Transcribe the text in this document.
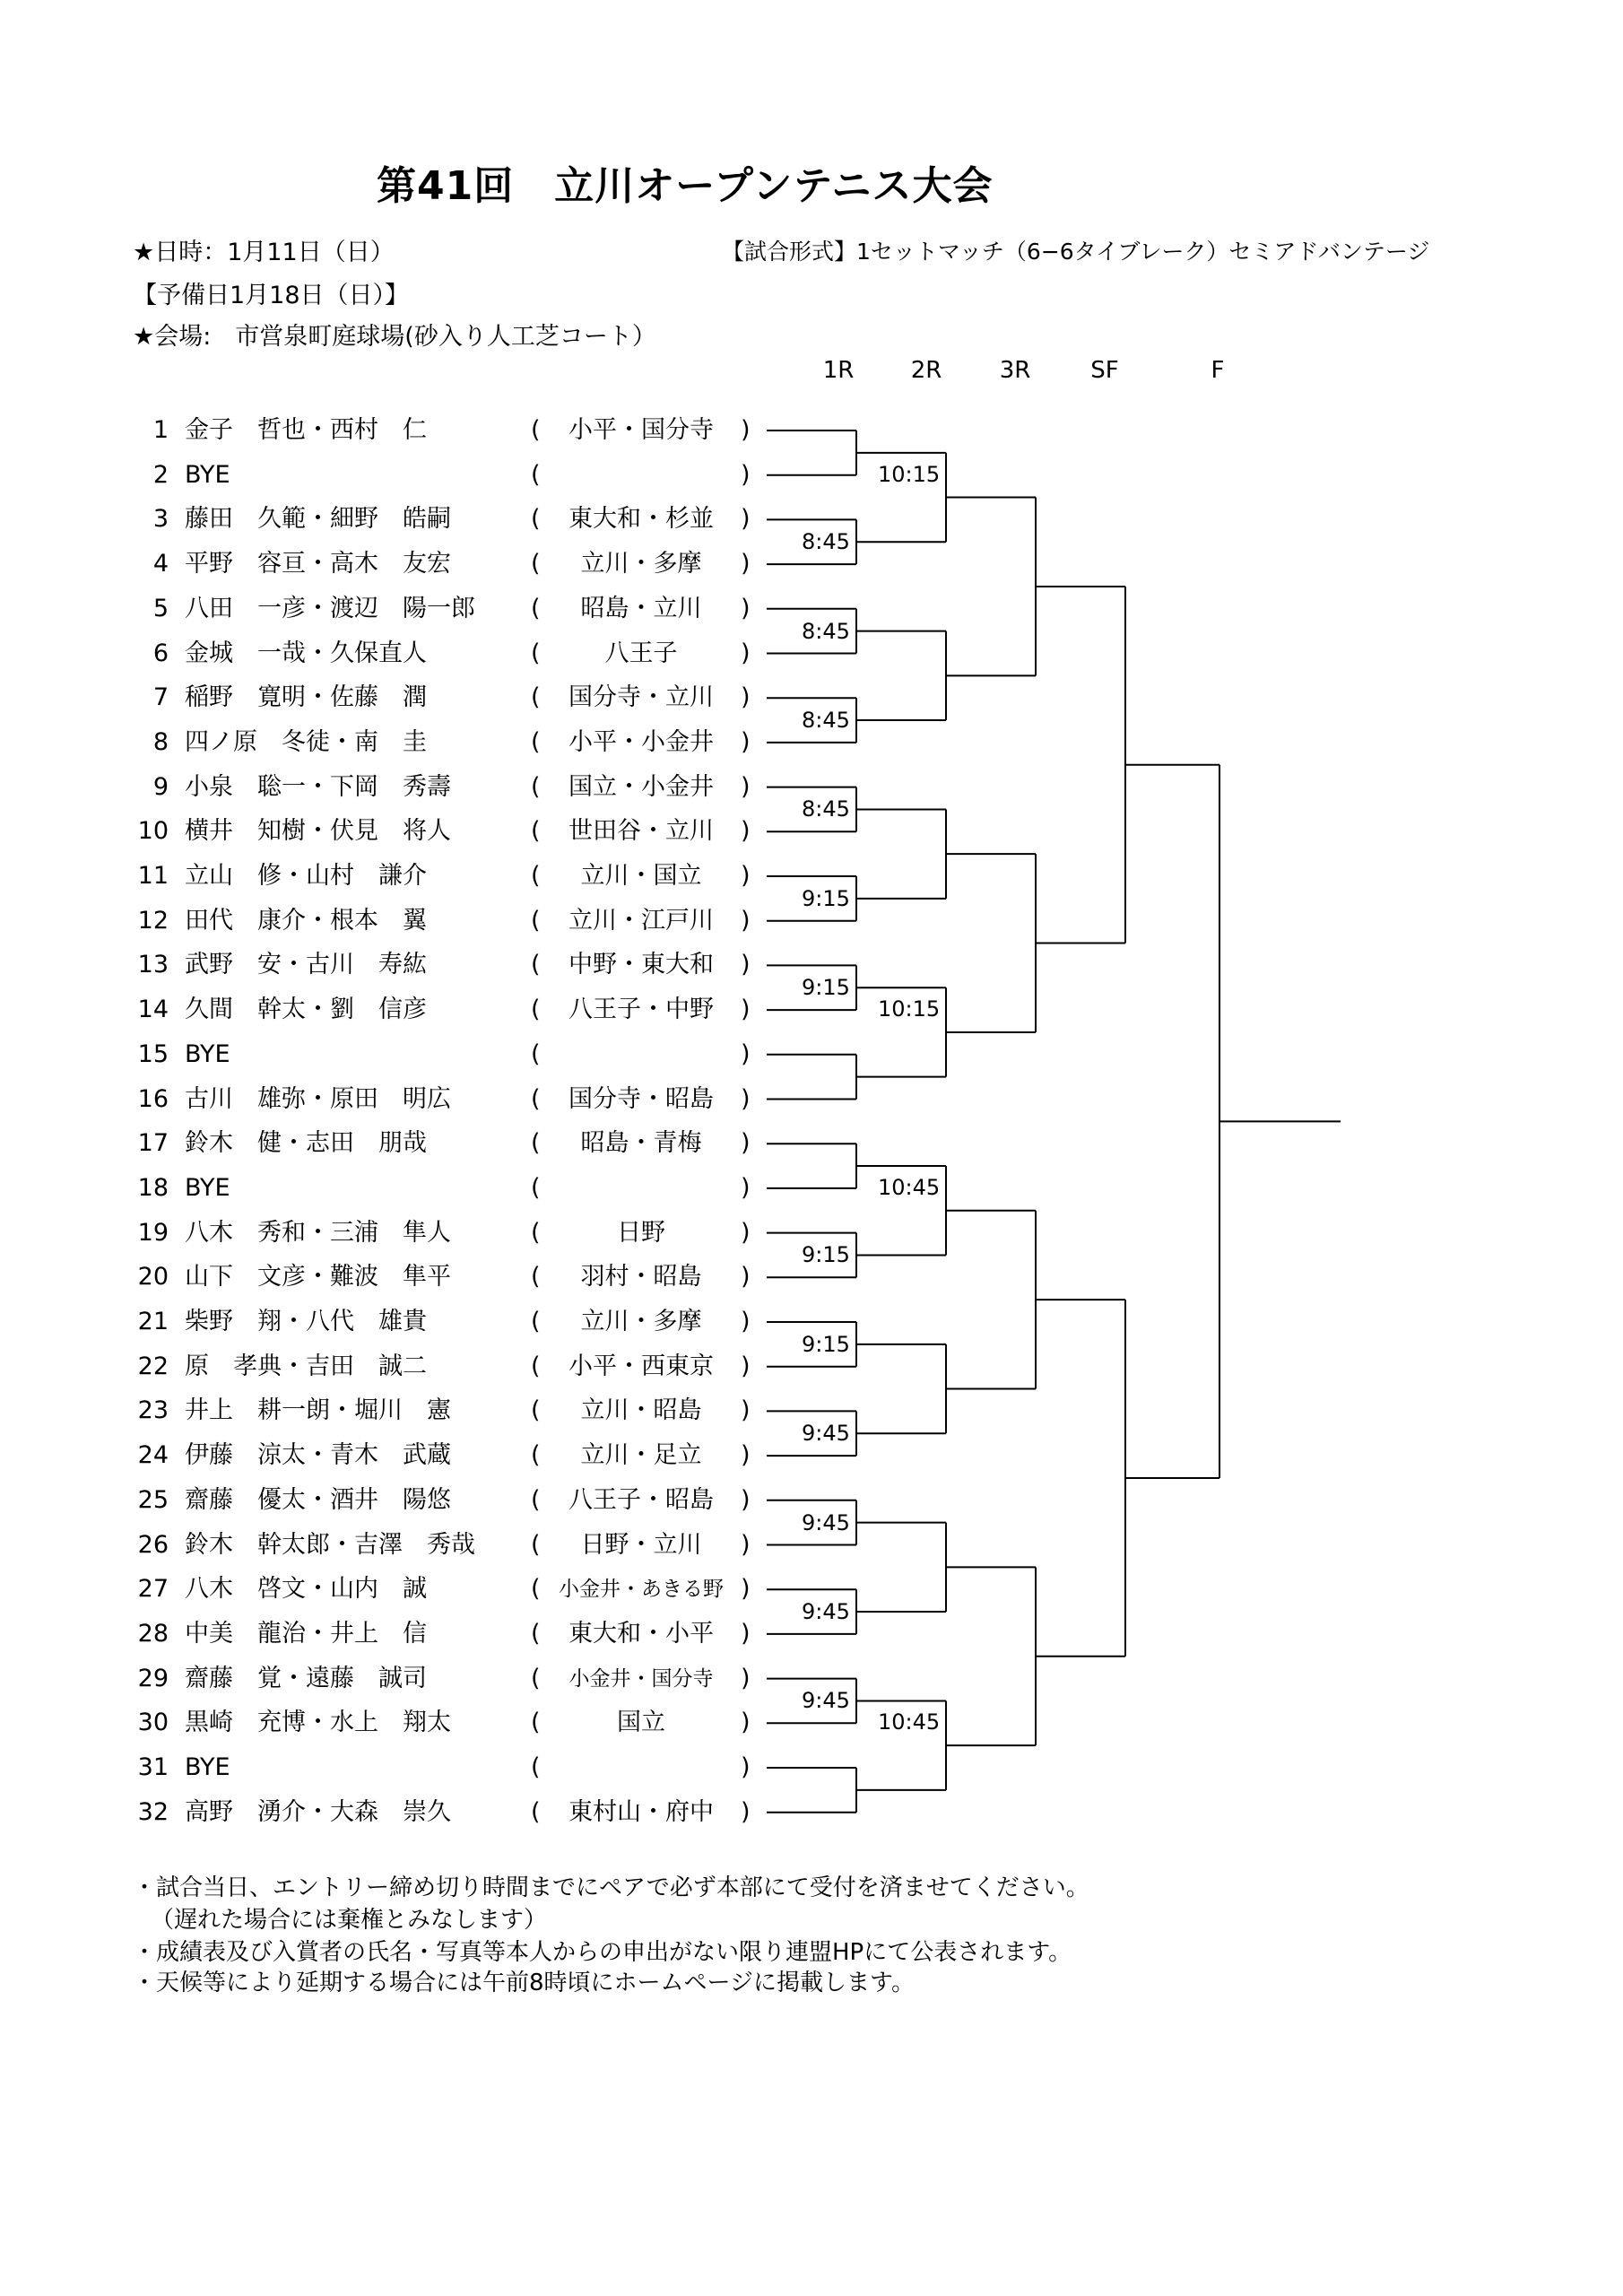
第41回　立川オープンテニス大会
★日時：1月11日（日）	【試合形式】1セットマッチ（6−6タイブレーク）セミアドバンテージ
【予備日1月18日（日）】
★会場:　市営泉町庭球場(砂入り人工芝コート）
1R	2R	3R	SF	F
1 金子　哲也・西村　仁	(	小平・国分寺	)
2 BYE	(	)
3 藤田　久範・細野　皓嗣	(	東大和・杉並	)
4 平野　容亘・高木　友宏	(	立川・多摩	)
5 八田　一彦・渡辺　陽一郎 (	昭島・立川	)
6 金城　一哉・久保直人	(	八王子	)
7 稲野　寛明・佐藤　潤	(	国分寺・立川	)
8 四ノ原　冬徒・南　圭	(	小平・小金井	)
9 小泉　聡一・下岡　秀壽	(	国立・小金井	)
10 横井　知樹・伏見　将人	(	世田谷・立川	)
11 立山　修・山村　謙介	(	立川・国立	)
12 田代　康介・根本　翼	(	立川・江戸川	)
13 武野　安・古川　寿紘	(	中野・東大和	)
14 久間　幹太・劉　信彦	(	八王子・中野	)
15 BYE	(	)
16 古川　雄弥・原田　明広	(	国分寺・昭島	)
17 鈴木　健・志田　朋哉	(	昭島・青梅	)
18 BYE	(	)
19 八木　秀和・三浦　隼人	(	日野	)
20 山下　文彦・難波　隼平	(	羽村・昭島	)
21 柴野　翔・八代　雄貴	(	立川・多摩	)
22 原　孝典・吉田　誠二	(	小平・西東京	)
23 井上　耕一朗・堀川　憲	(	立川・昭島	)
24 伊藤　涼太・青木　武蔵	(	立川・足立	)
25 齋藤　優太・酒井　陽悠	(	八王子・昭島	)
26 鈴木　幹太郎・吉澤　秀哉 (	日野・立川	)
27 八木　啓文・山内　誠	( 小金井・あきる野 )
28 中美　龍治・井上　信	(	東大和・小平	)
29 齋藤　覚・遠藤　誠司	(	小金井・国分寺	)
30 黒崎　充博・水上　翔太	(	国立	)
31 BYE	(	)
32 高野　湧介・大森　崇久	(	東村山・府中	)
8:45
8:45
8:45
8:45
9:15
9:15
9:15
9:15
9:45
9:45
9:45
9:45
10:15
10:15
10:45
10:45
・試合当日、エントリー締め切り時間までにペアで必ず本部にて受付を済ませてください。
（遅れた場合には棄権とみなします）
・成績表及び入賞者の氏名・写真等本人からの申出がない限り連盟HPにて公表されます。
・天候等により延期する場合には午前8時頃にホームページに掲載します。
